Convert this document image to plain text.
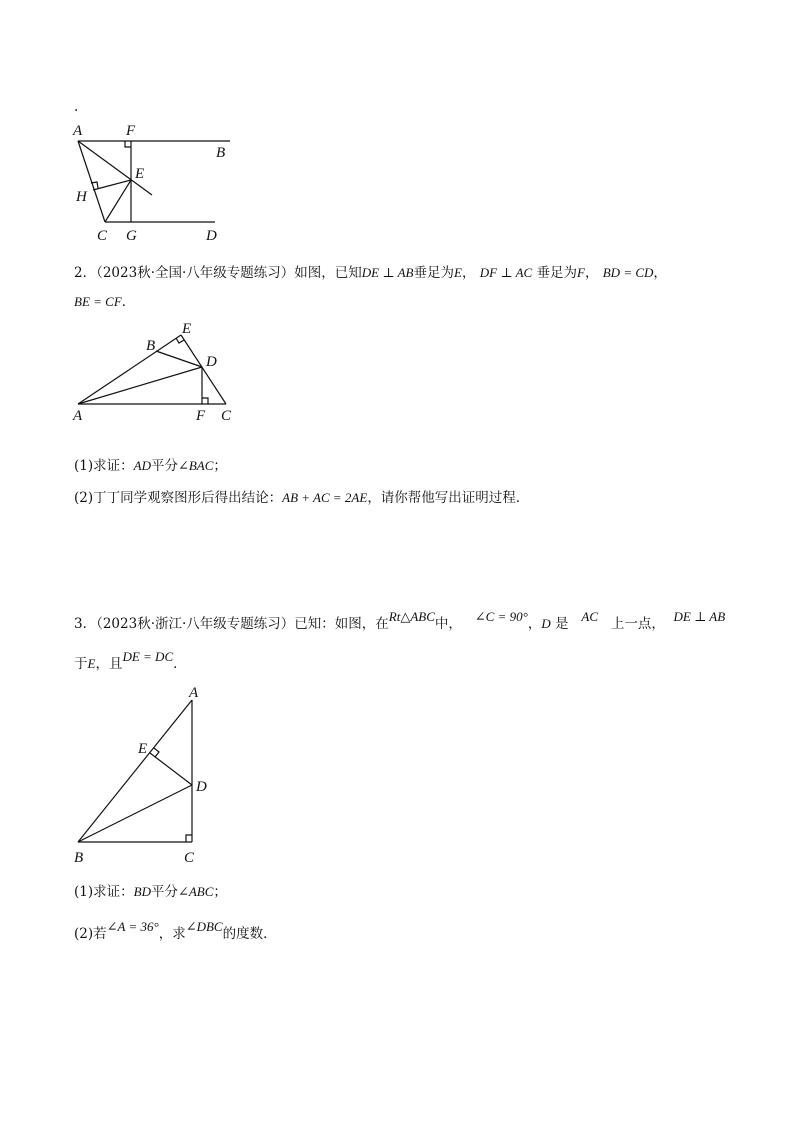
.
A	F
B
E
H
C G	D
2．（2023秋·全国·八年级专题练习）如图，已知DE ⊥ AB垂足为E， DF ⊥ AC 垂足为F， BD = CD，
BE = CF．
B
E
D
A	F C
(1)求证：AD平分∠BAC；
(2)丁丁同学观察图形后得出结论：AB + AC = 2AE，请你帮他写出证明过程．
3．（2023秋·浙江·八年级专题练习）已知：如图，在Rt△ABC中， ∠C = 90°，D 是 AC 上一点， DE ⊥ AB
于E，且DE = DC．
A
E
D
B	C
(1)求证：BD平分∠ABC；
(2)若∠A = 36°，求∠DBC的度数．
